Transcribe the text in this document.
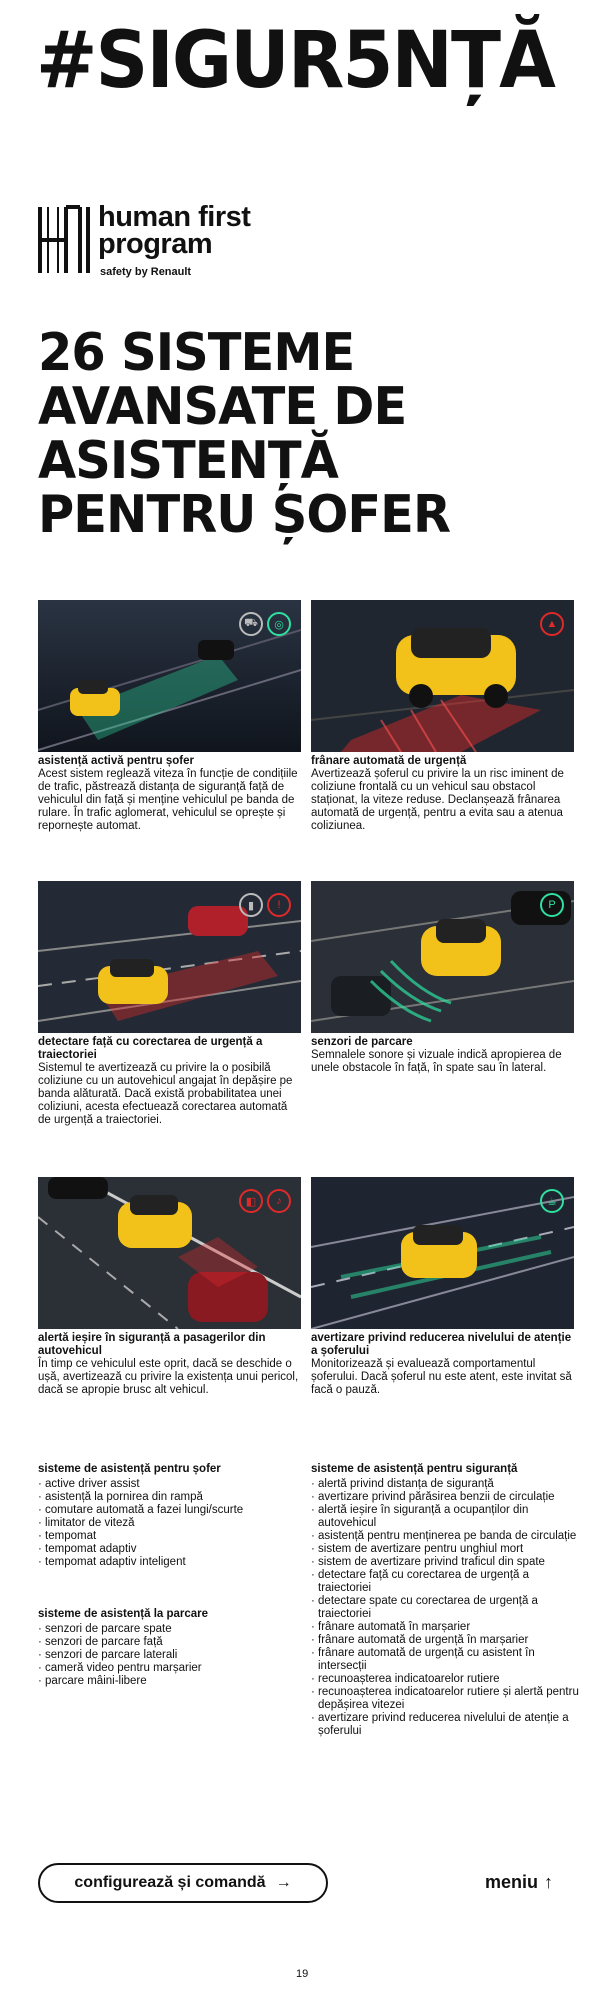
#SIGUR5NȚĂ
human first
program
safety by Renault
26 SISTEME AVANSATE DE ASISTENȚĂ PENTRU ȘOFER
⛟	◎
asistență activă pentru șofer
Acest sistem reglează viteza în funcție de condițiile de trafic, păstrează distanța de siguranță față de vehiculul din față și menține vehiculul pe banda de rulare. În trafic aglomerat, vehiculul se oprește și repornește automat.
▲
frânare automată de urgență
Avertizează șoferul cu privire la un risc iminent de coliziune frontală cu un vehicul sau obstacol staționat, la viteze reduse. Declanșează frânarea automată de urgență, pentru a evita sau a atenua coliziunea.
▮	!
detectare față cu corectarea de urgență a traiectoriei
Sistemul te avertizează cu privire la o posibilă coliziune cu un autovehicul angajat în depășire pe banda alăturată. Dacă există probabilitatea unei coliziuni, acesta efectuează corectarea automată de urgență a traiectoriei.
P
senzori de parcare
Semnalele sonore și vizuale indică apropierea de unele obstacole în față, în spate sau în lateral.
◧	♪
alertă ieșire în siguranță a pasagerilor din autovehicul
În timp ce vehiculul este oprit, dacă se deschide o ușă, avertizează cu privire la existența unui pericol, dacă se apropie brusc alt vehicul.
☕
avertizare privind reducerea nivelului de atenție a șoferului
Monitorizează și evaluează comportamentul șoferului. Dacă șoferul nu este atent, este invitat să facă o pauză.
sisteme de asistență pentru șofer
· active driver assist
· asistență la pornirea din rampă
· comutare automată a fazei lungi/scurte
· limitator de viteză
· tempomat
· tempomat adaptiv
· tempomat adaptiv inteligent
sisteme de asistență la parcare
· senzori de parcare spate
· senzori de parcare față
· senzori de parcare laterali
· cameră video pentru marșarier
· parcare mâini-libere
sisteme de asistență pentru siguranță
· alertă privind distanța de siguranță
· avertizare privind părăsirea benzii de circulație
· alertă ieșire în siguranță a ocupanților din autovehicul
· asistență pentru menținerea pe banda de circulație
· sistem de avertizare pentru unghiul mort
· sistem de avertizare privind traficul din spate
· detectare față cu corectarea de urgență a traiectoriei
· detectare spate cu corectarea de urgență a traiectoriei
· frânare automată în marșarier
· frânare automată de urgență în marșarier
· frânare automată de urgență cu asistent în intersecții
· recunoașterea indicatoarelor rutiere
· recunoașterea indicatoarelor rutiere și alertă pentru depășirea vitezei
· avertizare privind reducerea nivelului de atenție a șoferului
configurează și comandă →	meniu ↑
19
